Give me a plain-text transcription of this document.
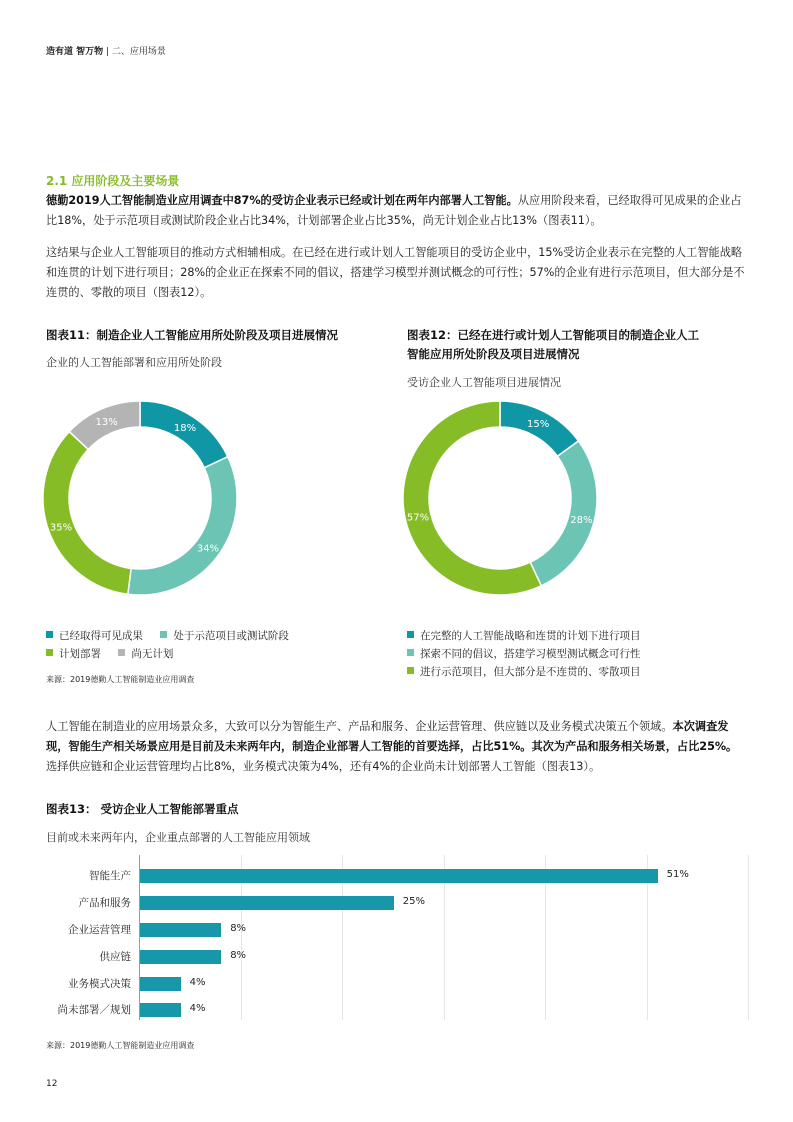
造有道 智万物 | 二、应用场景
2.1 应用阶段及主要场景
德勤2019人工智能制造业应用调查中87%的受访企业表示已经或计划在两年内部署人工智能。从应用阶段来看，已经取得可见成果的企业占比18%，处于示范项目或测试阶段企业占比34%，计划部署企业占比35%，尚无计划企业占比13%（图表11）。
这结果与企业人工智能项目的推动方式相辅相成。在已经在进行或计划人工智能项目的受访企业中，15%受访企业表示在完整的人工智能战略和连贯的计划下进行项目；28%的企业正在探索不同的倡议，搭建学习模型并测试概念的可行性；57%的企业有进行示范项目，但大部分是不连贯的、零散的项目（图表12）。
图表11：制造企业人工智能应用所处阶段及项目进展情况
企业的人工智能部署和应用所处阶段
18%
34%
35%
13%
已经取得可见成果	处于示范项目或测试阶段
计划部署	尚无计划
来源：2019德勤人工智能制造业应用调查
图表12：已经在进行或计划人工智能项目的制造企业人工
智能应用所处阶段及项目进展情况
受访企业人工智能项目进展情况
15%
28%
57%
在完整的人工智能战略和连贯的计划下进行项目
探索不同的倡议，搭建学习模型测试概念可行性
进行示范项目，但大部分是不连贯的、零散项目
人工智能在制造业的应用场景众多，大致可以分为智能生产、产品和服务、企业运营管理、供应链以及业务模式决策五个领域。本次调查发现，智能生产相关场景应用是目前及未来两年内，制造企业部署人工智能的首要选择，占比51%。其次为产品和服务相关场景，占比25%。选择供应链和企业运营管理均占比8%，业务模式决策为4%，还有4%的企业尚未计划部署人工智能（图表13）。
图表13： 受访企业人工智能部署重点
目前或未来两年内，企业重点部署的人工智能应用领域
智能生产	51%
产品和服务	25%
企业运营管理	8%
供应链	8%
业务模式决策	4%
尚未部署／规划	4%
来源：2019德勤人工智能制造业应用调查
12
